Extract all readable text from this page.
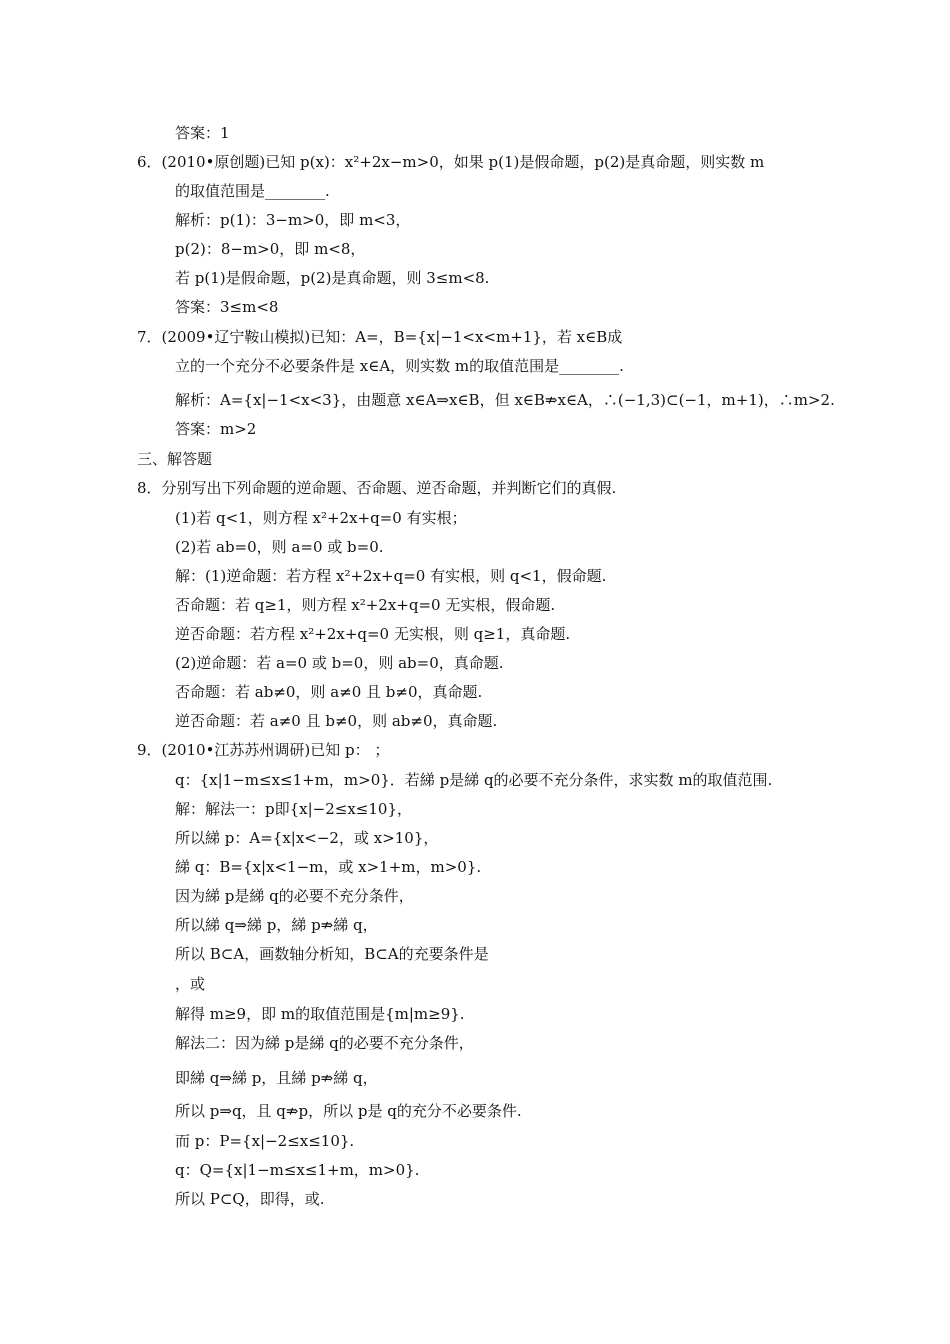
答案：1
6．(2010•原创题)已知 p(x)：x²+2x−m>0，如果 p(1)是假命题，p(2)是真命题，则实数 m
的取值范围是________.
解析：p(1)：3−m>0，即 m<3，
p(2)：8−m>0，即 m<8，
若 p(1)是假命题，p(2)是真命题，则 3≤m<8.
答案：3≤m<8
7．(2009•辽宁鞍山模拟)已知：A=，B={x|−1<x<m+1}，若 x∈B成
立的一个充分不必要条件是 x∈A，则实数 m的取值范围是________.
解析：A={x|−1<x<3}，由题意 x∈A⇒x∈B，但 x∈B⇏x∈A，∴(−1,3)⊂(−1，m+1)，∴m>2.
答案：m>2
三、解答题
8．分别写出下列命题的逆命题、否命题、逆否命题，并判断它们的真假.
(1)若 q<1，则方程 x²+2x+q=0 有实根；
(2)若 ab=0，则 a=0 或 b=0.
解：(1)逆命题：若方程 x²+2x+q=0 有实根，则 q<1，假命题.
否命题：若 q≥1，则方程 x²+2x+q=0 无实根，假命题.
逆否命题：若方程 x²+2x+q=0 无实根，则 q≥1，真命题.
(2)逆命题：若 a=0 或 b=0，则 ab=0，真命题.
否命题：若 ab≠0，则 a≠0 且 b≠0，真命题.
逆否命题：若 a≠0 且 b≠0，则 ab≠0，真命题.
9．(2010•江苏苏州调研)已知 p： ；
q：{x|1−m≤x≤1+m，m>0}．若綈 p是綈 q的必要不充分条件，求实数 m的取值范围.
解：解法一：p即{x|−2≤x≤10}，
所以綈 p：A={x|x<−2，或 x>10}，
綈 q：B={x|x<1−m，或 x>1+m，m>0}.
因为綈 p是綈 q的必要不充分条件，
所以綈 q⇒綈 p，綈 p⇏綈 q，
所以 B⊂A，画数轴分析知，B⊂A的充要条件是
，或
解得 m≥9，即 m的取值范围是{m|m≥9}.
解法二：因为綈 p是綈 q的必要不充分条件，
即綈 q⇒綈 p，且綈 p⇏綈 q，
所以 p⇒q，且 q⇏p，所以 p是 q的充分不必要条件.
而 p：P={x|−2≤x≤10}.
q：Q={x|1−m≤x≤1+m，m>0}.
所以 P⊂Q，即得，或.
